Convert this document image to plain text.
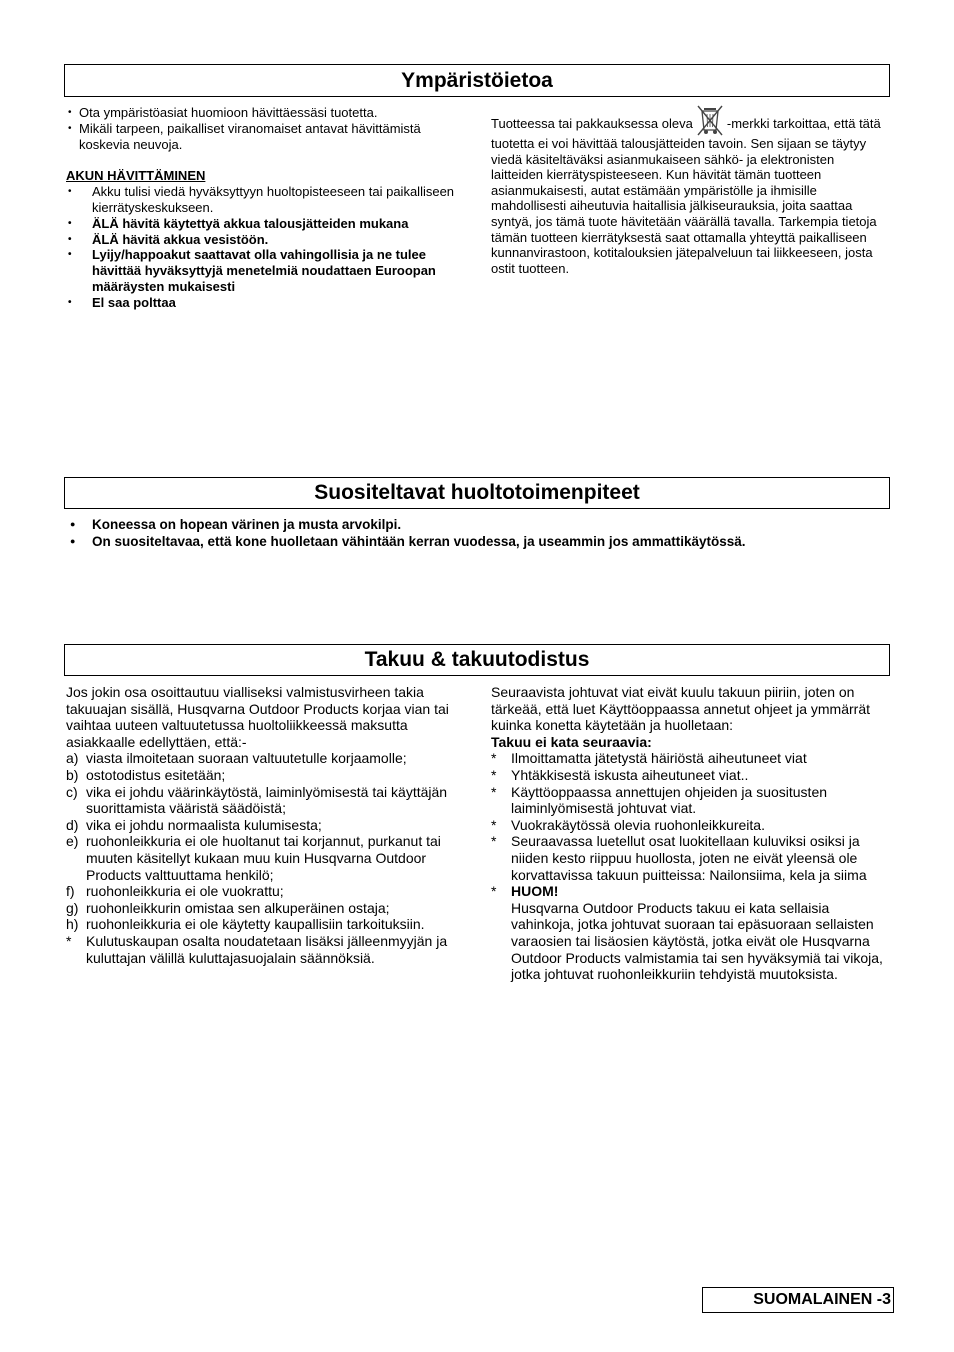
Ympäristöietoa
• Ota ympäristöasiat huomioon hävittäessäsi tuotetta.
• Mikäli tarpeen, paikalliset viranomaiset antavat hävittämistä koskevia neuvoja.

AKUN HÄVITTÄMINEN

• Akku tulisi viedä hyväksyttyyn huoltopisteeseen tai paikalliseen kierrätyskeskukseen.
• ÄLÄ hävitä käytettyä akkua talousjätteiden mukana
• ÄLÄ hävitä akkua vesistöön.
• Lyijy/happoakut saattavat olla vahingollisia ja ne tulee hävittää hyväksyttyjä menetelmiä noudattaen Euroopan määräysten mukaisesti
• El saa polttaa

Tuotteessa tai pakkauksessa oleva	-merkki tarkoittaa, että tätä tuotetta ei voi hävittää talousjätteiden tavoin. Sen sijaan se täytyy viedä käsiteltäväksi asianmukaiseen sähkö- ja elektronisten laitteiden kierrätyspisteeseen. Kun hävität tämän tuotteen asianmukaisesti, autat estämään ympäristölle ja ihmisille mahdollisesti aiheutuvia haitallisia jälkiseurauksia, joita saattaa syntyä, jos tämä tuote hävitetään väärällä tavalla. Tarkempia tietoja tämän tuotteen kierrätyksestä saat ottamalla yhteyttä paikalliseen kunnanvirastoon, kotitalouksien jätepalveluun tai liikkeeseen, josta ostit tuotteen.

Suositeltavat huoltotoimenpiteet
● Koneessa on hopean värinen ja musta arvokilpi.
● On suositeltavaa, että kone huolletaan vähintään kerran vuodessa, ja useammin jos ammattikäytössä.
Takuu & takuutodistus

Jos jokin osa osoittautuu vialliseksi valmistusvirheen takia takuuajan sisällä, Husqvarna Outdoor Products korjaa vian tai vaihtaa uuteen valtuutetussa huoltoliikkeessä maksutta asiakkaalle edellyttäen, että:-

a) viasta ilmoitetaan suoraan valtuutetulle korjaamolle;
b) ostotodistus esitetään;
c) vika ei johdu väärinkäytöstä, laiminlyömisestä tai käyttäjän suorittamista vääristä säädöistä;
d) vika ei johdu normaalista kulumisesta;
e) ruohonleikkuria ei ole huoltanut tai korjannut, purkanut tai muuten käsitellyt kukaan muu kuin Husqvarna Outdoor Products valttuuttama henkilö;
f) ruohonleikkuria ei ole vuokrattu;
g) ruohonleikkurin omistaa sen alkuperäinen ostaja;
h) ruohonleikkuria ei ole käytetty kaupallisiin tarkoituksiin.
*	Kulutuskaupan osalta noudatetaan lisäksi jälleenmyyjän ja kuluttajan välillä kuluttajasuojalain säännöksiä.

Seuraavista johtuvat viat eivät kuulu takuun piiriin, joten on tärkeää, että luet Käyttöoppaassa annetut ohjeet ja ymmärrät kuinka konetta käytetään ja huolletaan:

Takuu ei kata seuraavia:

*	Ilmoittamatta jätetystä häiriöstä aiheutuneet viat
*	Yhtäkkisestä iskusta aiheutuneet viat..
*	Käyttöoppaassa annettujen ohjeiden ja suositusten laiminlyömisestä johtuvat viat.
*	Vuokrakäytössä olevia ruohonleikkureita.
*	Seuraavassa luetellut osat luokitellaan kuluviksi osiksi ja niiden kesto riippuu huollosta, joten ne eivät yleensä ole korvattavissa takuun puitteissa: Nailonsiima, kela ja siima
*	HUOM!
Husqvarna Outdoor Products takuu ei kata sellaisia vahinkoja, jotka johtuvat suoraan tai epäsuoraan sellaisten varaosien tai lisäosien käytöstä, jotka eivät ole Husqvarna Outdoor Products valmistamia tai sen hyväksymiä tai vikoja, jotka johtuvat ruohonleikkuriin tehdyistä muutoksista.
SUOMALAINEN -3
